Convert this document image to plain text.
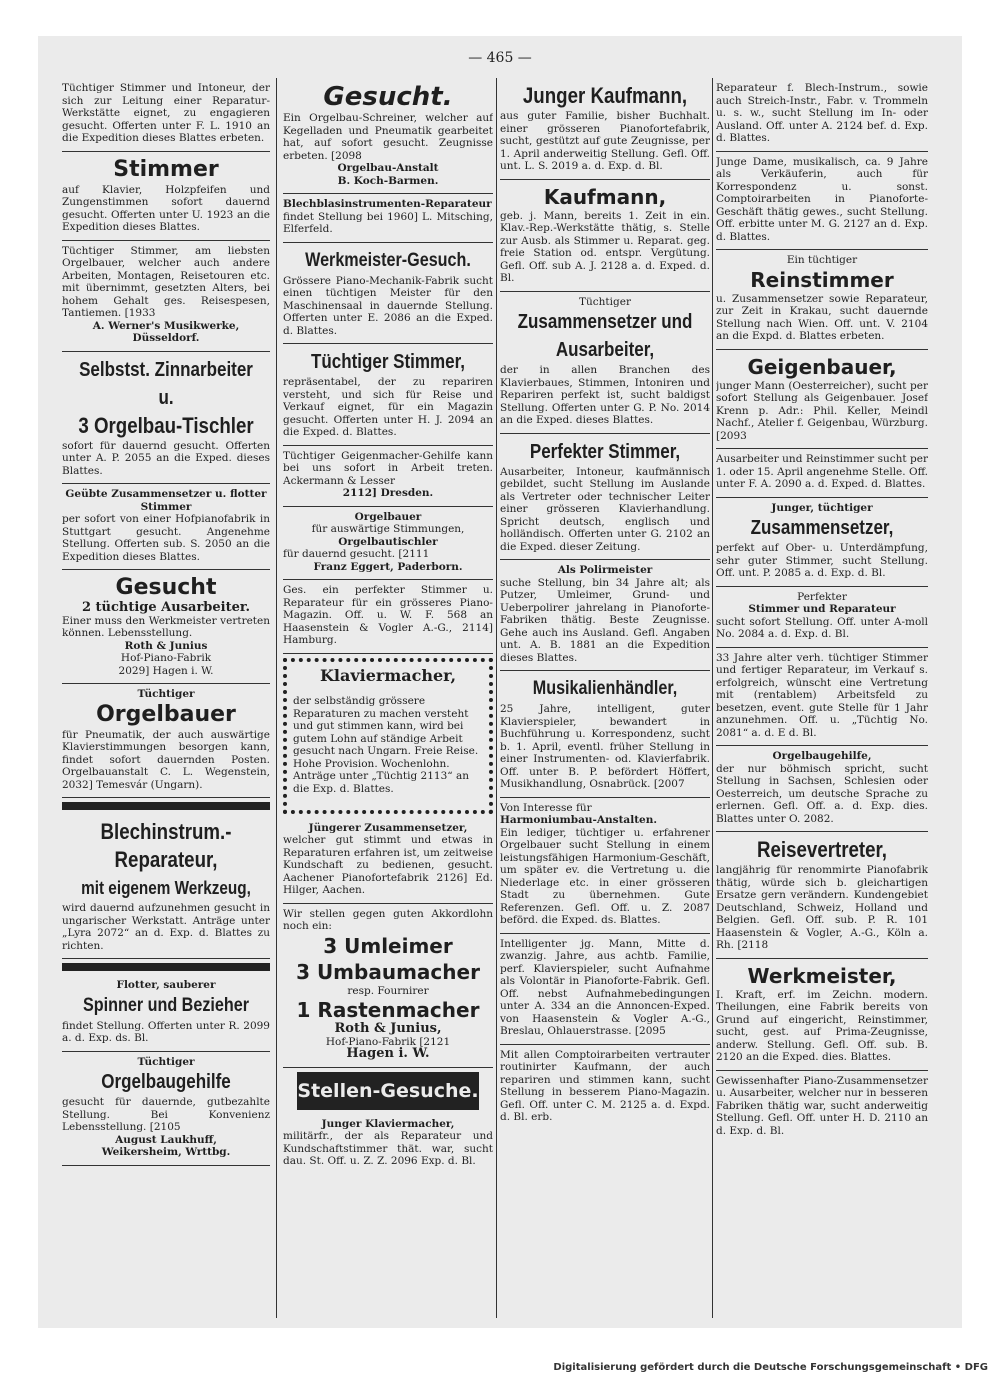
— 465 —

Tüchtiger Stimmer und Intoneur, der sich zur Leitung einer Reparatur-Werkstätte eignet, zu engagieren gesucht. Offerten unter F. L. 1910 an die Expedition dieses Blattes erbeten.

Stimmer

auf Klavier, Holzpfeifen und Zungenstimmen sofort dauernd gesucht. Offerten unter U. 1923 an die Expedition dieses Blattes.

Tüchtiger Stimmer, am liebsten Orgelbauer, welcher auch andere Arbeiten, Montagen, Reisetouren etc. mit übernimmt, gesetzten Alters, bei hohem Gehalt ges. Reisespesen, Tantiemen. [1933

A. Werner's Musikwerke,
Düsseldorf.
Selbstst. Zinnarbeiter u.
3 Orgelbau-Tischler

sofort für dauernd gesucht. Offerten unter A. P. 2055 an die Exped. dieses Blattes.

Geübte Zusammensetzer u. flotter Stimmer

per sofort von einer Hofpianofabrik in Stuttgart gesucht. Angenehme Stellung. Offerten sub. S. 2050 an die Expedition dieses Blattes.

Gesucht
2 tüchtige Ausarbeiter.

Einer muss den Werkmeister vertreten können. Lebensstellung.

Roth & Junius
Hof-Piano-Fabrik
2029] Hagen i. W.
Tüchtiger
Orgelbauer

für Pneumatik, der auch auswärtige Klavierstimmungen besorgen kann, findet sofort dauernden Posten. Orgelbauanstalt C. L. Wegenstein, 2032] Temesvár (Ungarn).

Blechinstrum.-
Reparateur,
mit eigenem Werkzeug,

wird dauernd aufzunehmen gesucht in ungarischer Werkstatt. Anträge unter „Lyra 2072“ an d. Exp. d. Blattes zu richten.

Flotter, sauberer
Spinner und Bezieher

findet Stellung. Offerten unter R. 2099 a. d. Exp. ds. Bl.

Tüchtiger
Orgelbaugehilfe

gesucht für dauernde, gutbezahlte Stellung. Bei Konvenienz Lebensstellung. [2105

August Laukhuff,
Weikersheim, Wrttbg.
Gesucht.

Ein Orgelbau-Schreiner, welcher auf Kegelladen und Pneumatik gearbeitet hat, auf sofort gesucht. Zeugnisse erbeten. [2098

Orgelbau-Anstalt
B. Koch-Barmen.
Blechblasinstrumenten-Reparateur

findet Stellung bei 1960] L. Mitsching, Elferfeld.

Werkmeister-Gesuch.

Grössere Piano-Mechanik-Fabrik sucht einen tüchtigen Meister für den Maschinensaal in dauernde Stellung. Offerten unter E. 2086 an die Exped. d. Blattes.

Tüchtiger Stimmer,

repräsentabel, der zu repariren versteht, und sich für Reise und Verkauf eignet, für ein Magazin gesucht. Offerten unter H. J. 2094 an die Exped. d. Blattes.

Tüchtiger Geigenmacher-Gehilfe kann bei uns sofort in Arbeit treten. Ackermann & Lesser

2112] Dresden.
Orgelbauer
für auswärtige Stimmungen,
Orgelbautischler

für dauernd gesucht. [2111

Franz Eggert, Paderborn.

Ges. ein perfekter Stimmer u. Reparateur für ein grösseres Piano-Magazin. Off. u. W. F. 568 an Haasenstein & Vogler A.-G., 2114] Hamburg.

Klaviermacher,

der selbständig grössere Reparaturen zu machen versteht und gut stimmen kann, wird bei gutem Lohn auf ständige Arbeit gesucht nach Ungarn. Freie Reise. Hohe Provision. Wochenlohn. Anträge unter „Tüchtig 2113“ an die Exp. d. Blattes.

Jüngerer Zusammensetzer,

welcher gut stimmt und etwas in Reparaturen erfahren ist, um zeitweise Kundschaft zu bedienen, gesucht. Aachener Pianofortefabrik 2126] Ed. Hilger, Aachen.

Wir stellen gegen guten Akkordlohn noch ein:

3 Umleimer
3 Umbaumacher
resp. Fournirer
1 Rastenmacher
Roth & Junius,
Hof-Piano-Fabrik [2121
Hagen i. W.
Stellen-Gesuche.
Junger Klaviermacher,

militärfr., der als Reparateur und Kundschaftstimmer thät. war, sucht dau. St. Off. u. Z. Z. 2096 Exp. d. Bl.

Junger Kaufmann,

aus guter Familie, bisher Buchhalt. einer grösseren Pianofortefabrik, sucht, gestützt auf gute Zeugnisse, per 1. April anderweitig Stellung. Gefl. Off. unt. L. S. 2019 a. d. Exp. d. Bl.

Kaufmann,

geb. j. Mann, bereits 1. Zeit in ein. Klav.-Rep.-Werkstätte thätig, s. Stelle zur Ausb. als Stimmer u. Reparat. geg. freie Station od. entspr. Vergütung. Gefl. Off. sub A. J. 2128 a. d. Exped. d. Bl.

Tüchtiger
Zusammensetzer und
Ausarbeiter,

der in allen Branchen des Klavierbaues, Stimmen, Intoniren und Repariren perfekt ist, sucht baldigst Stellung. Offerten unter G. P. No. 2014 an die Exped. dieses Blattes.

Perfekter Stimmer,

Ausarbeiter, Intoneur, kaufmännisch gebildet, sucht Stellung im Auslande als Vertreter oder technischer Leiter einer grösseren Klavierhandlung. Spricht deutsch, englisch und holländisch. Offerten unter G. 2102 an die Exped. dieser Zeitung.

Als Polirmeister

suche Stellung, bin 34 Jahre alt; als Putzer, Umleimer, Grund- und Ueberpolirer jahrelang in Pianoforte-Fabriken thätig. Beste Zeugnisse. Gehe auch ins Ausland. Gefl. Angaben unt. A. B. 1881 an die Expedition dieses Blattes.

Musikalienhändler,

25 Jahre, intelligent, guter Klavierspieler, bewandert in Buchführung u. Korrespondenz, sucht b. 1. April, eventl. früher Stellung in einer Instrumenten- od. Klavierfabrik. Off. unter B. P. befördert Höffert, Musikhandlung, Osnabrück. [2007

Von Interesse für
Harmoniumbau-Anstalten.

Ein lediger, tüchtiger u. erfahrener Orgelbauer sucht Stellung in einem leistungsfähigen Harmonium-Geschäft, um später ev. die Vertretung u. die Niederlage etc. in einer grösseren Stadt zu übernehmen. Gute Referenzen. Gefl. Off. u. Z. 2087 beförd. die Exped. ds. Blattes.

Intelligenter jg. Mann, Mitte d. zwanzig. Jahre, aus achtb. Familie, perf. Klavierspieler, sucht Aufnahme als Volontär in Pianoforte-Fabrik. Gefl. Off. nebst Aufnahmebedingungen unter A. 334 an die Annoncen-Exped. von Haasenstein & Vogler A.-G., Breslau, Ohlauerstrasse. [2095

Mit allen Comptoirarbeiten vertrauter routinirter Kaufmann, der auch repariren und stimmen kann, sucht Stellung in besserem Piano-Magazin. Gefl. Off. unter C. M. 2125 a. d. Expd. d. Bl. erb.

Reparateur f. Blech-Instrum., sowie auch Streich-Instr., Fabr. v. Trommeln u. s. w., sucht Stellung im In- oder Ausland. Off. unter A. 2124 bef. d. Exp. d. Blattes.

Junge Dame, musikalisch, ca. 9 Jahre als Verkäuferin, auch für Korrespondenz u. sonst. Comptoirarbeiten in Pianoforte-Geschäft thätig gewes., sucht Stellung. Off. erbitte unter M. G. 2127 an d. Exp. d. Blattes.

Ein tüchtiger
Reinstimmer

u. Zusammensetzer sowie Reparateur, zur Zeit in Krakau, sucht dauernde Stellung nach Wien. Off. unt. V. 2104 an die Expd. d. Blattes erbeten.

Geigenbauer,

junger Mann (Oesterreicher), sucht per sofort Stellung als Geigenbauer. Josef Krenn p. Adr.: Phil. Keller, Meindl Nachf., Atelier f. Geigenbau, Würzburg. [2093

Ausarbeiter und Reinstimmer sucht per 1. oder 15. April angenehme Stelle. Off. unter F. A. 2090 a. d. Exped. d. Blattes.

Junger, tüchtiger
Zusammensetzer,

perfekt auf Ober- u. Unterdämpfung, sehr guter Stimmer, sucht Stellung. Off. unt. P. 2085 a. d. Exp. d. Bl.

Perfekter
Stimmer und Reparateur

sucht sofort Stellung. Off. unter A-moll No. 2084 a. d. Exp. d. Bl.

33 Jahre alter verh. tüchtiger Stimmer und fertiger Reparateur, im Verkauf s. erfolgreich, wünscht eine Vertretung mit (rentablem) Arbeitsfeld zu besetzen, event. gute Stelle für 1 Jahr anzunehmen. Off. u. „Tüchtig No. 2081“ a. d. E d. Bl.

Orgelbaugehilfe,

der nur böhmisch spricht, sucht Stellung in Sachsen, Schlesien oder Oesterreich, um deutsche Sprache zu erlernen. Gefl. Off. a. d. Exp. dies. Blattes unter O. 2082.

Reisevertreter,

langjährig für renommirte Pianofabrik thätig, würde sich b. gleichartigen Ersatze gern verändern. Kundengebiet Deutschland, Schweiz, Holland und Belgien. Gefl. Off. sub. P. R. 101 Haasenstein & Vogler, A.-G., Köln a. Rh. [2118

Werkmeister,

I. Kraft, erf. im Zeichn. modern. Theilungen, eine Fabrik bereits von Grund auf eingericht, Reinstimmer, sucht, gest. auf Prima-Zeugnisse, anderw. Stellung. Gefl. Off. sub. B. 2120 an die Exped. dies. Blattes.

Gewissenhafter Piano-Zusammensetzer u. Ausarbeiter, welcher nur in besseren Fabriken thätig war, sucht anderweitig Stellung. Gefl. Off. unter H. D. 2110 an d. Exp. d. Bl.

Digitalisierung gefördert durch die Deutsche Forschungsgemeinschaft • DFG
